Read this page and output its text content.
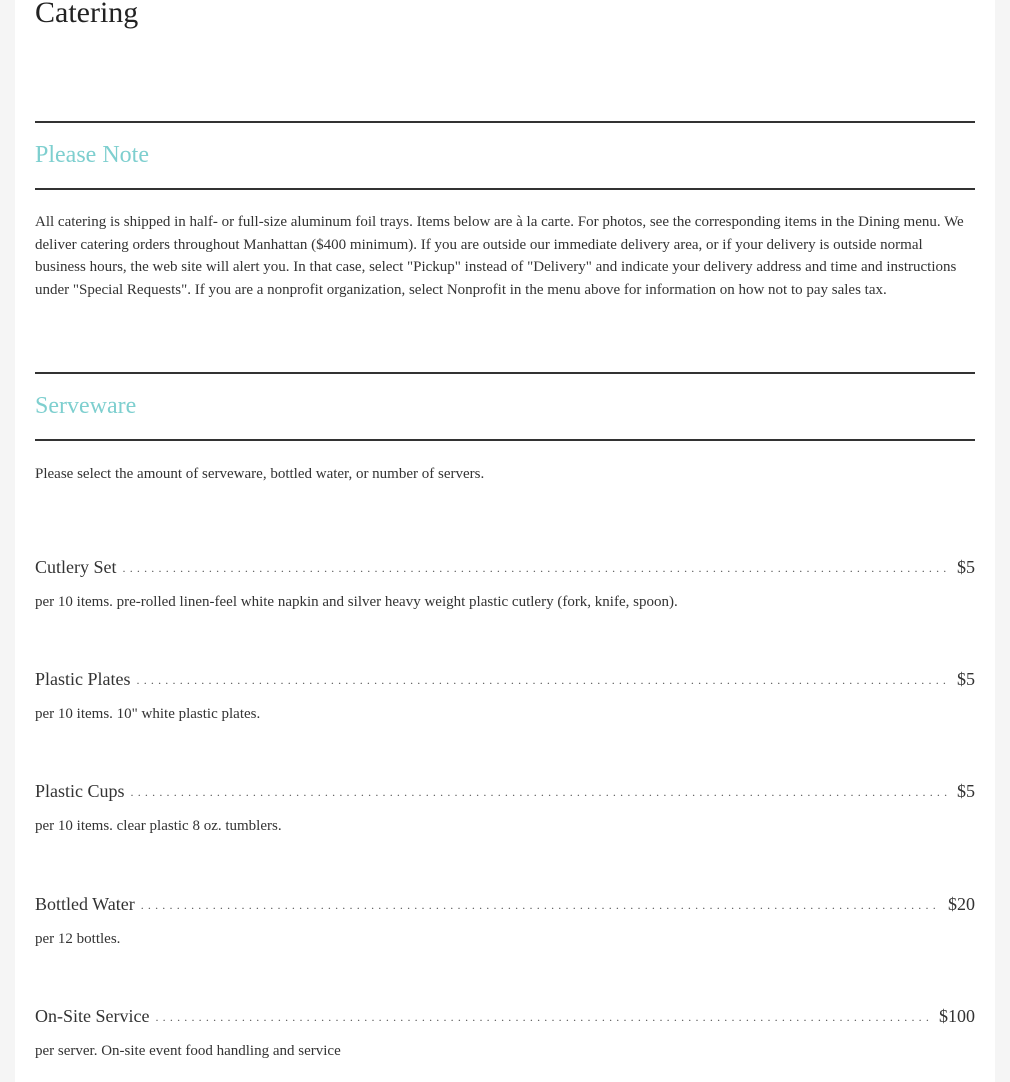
Catering
Please Note

All catering is shipped in half- or full-size aluminum foil trays. Items below are à la carte. For photos, see the corresponding items in the Dining menu. We deliver catering orders throughout Manhattan ($400 minimum). If you are outside our immediate delivery area, or if your delivery is outside normal business hours, the web site will alert you. In that case, select "Pickup" instead of "Delivery" and indicate your delivery address and time and instructions under "Special Requests". If you are a nonprofit organization, select Nonprofit in the menu above for information on how not to pay sales tax.

Serveware

Please select the amount of serveware, bottled water, or number of servers.

Cutlery Set . . .	$5
per 10 items. pre-rolled linen-feel white napkin and silver heavy weight plastic cutlery (fork, knife, spoon).
Plastic Plates . . .	$5
per 10 items. 10" white plastic plates.
Plastic Cups . . .	$5
per 10 items. clear plastic 8 oz. tumblers.
Bottled Water . . .	$20
per 12 bottles.
On-Site Service . . .	$100
per server. On-site event food handling and service
